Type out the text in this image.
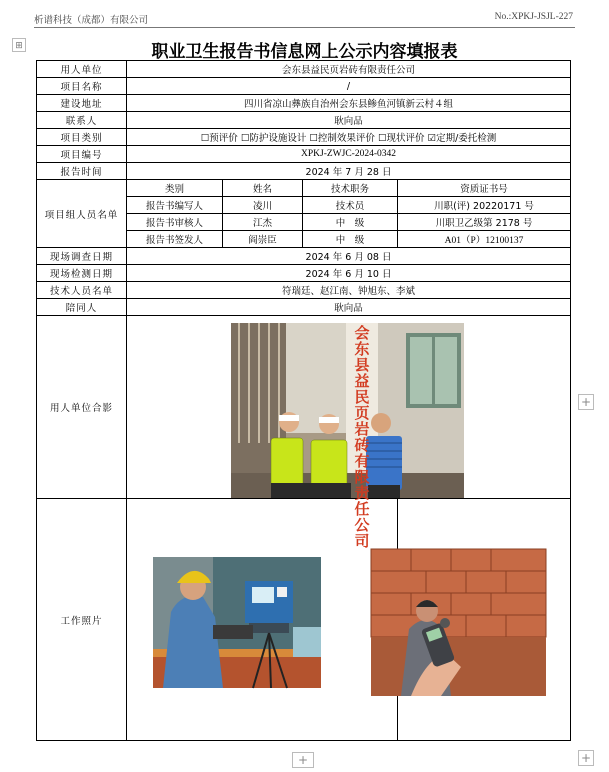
析谱科技（成都）有限公司	No.:XPKJ-JSJL-227
⊞	职业卫生报告书信息网上公示内容填报表
用人单位	会东县益民页岩砖有限责任公司			
项目名称	/			
建设地址	四川省凉山彝族自治州会东县鲹鱼河镇新云村４组			
联系人	耿向品			
项目类别	☐预评价 ☐防护设施设计 ☐控制效果评价 ☐现状评价 ☑定期/委托检测			
项目编号	XPKJ-ZWJC-2024-0342			
报告时间	2024 年 7 月 28 日			
项目组人员名单	类别	姓名	技术职务	资质证书号
	报告书编写人	凌川	技术员	川职(评) 20220171 号
	报告书审核人	江杰	中　级	川职卫乙级第 2178 号
	报告书签发人	阎崇臣	中　级	A01（P）12100137
现场调查日期	2024 年 6 月 08 日			
现场检测日期	2024 年 6 月 10 日			
技术人员名单	符瑞廷、赵江南、钟旭东、李斌			
陪同人	耿向品			
用人单位合影				
工作照片				
会东县益民页岩砖有限责任公司
+
+
+
